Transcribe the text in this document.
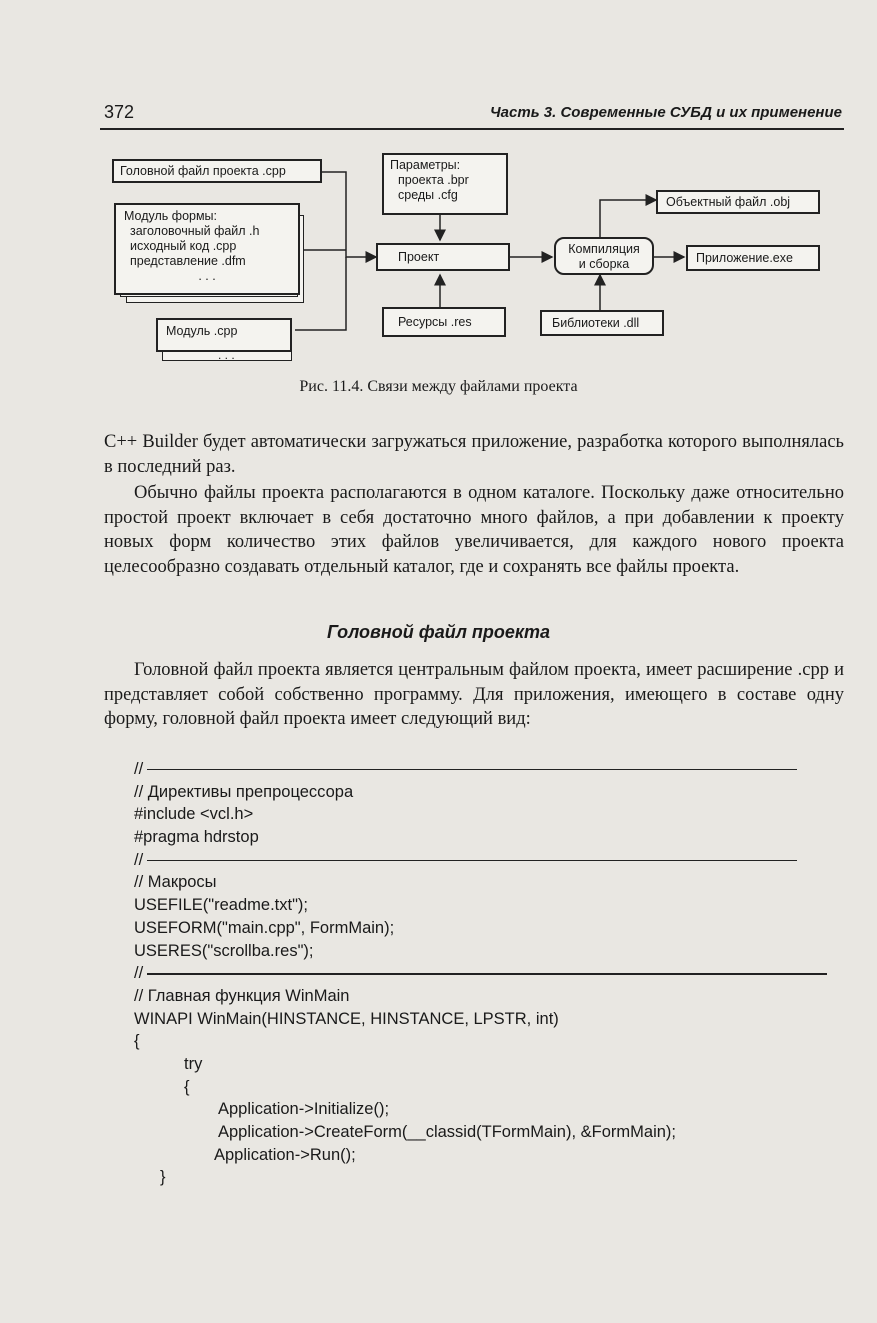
372	Часть 3. Современные СУБД и их применение
Головной файл проекта .cpp	Параметры:
проекта .bpr
среды .cfg	Объектный файл .obj
Модуль формы:
заголовочный файл .h
исходный код .cpp
представление .dfm
. . .
Проект
Компиляция
и сборка	Приложение.exe
Ресурсы .res	Библиотеки .dll
Модуль .cpp
. . .
Рис. 11.4. Связи между файлами проекта

C++ Builder будет автоматически загружаться приложение, разработка которого выполнялась в последний раз.

Обычно файлы проекта располагаются в одном каталоге. Поскольку даже относительно простой проект включает в себя достаточно много файлов, а при добавлении к проекту новых форм количество этих файлов увеличивается, для каждого нового проекта целесообразно создавать отдельный каталог, где и сохранять все файлы проекта.

Головной файл проекта

Головной файл проекта является центральным файлом проекта, имеет расширение .cpp и представляет собой собственно программу. Для приложения, имеющего в составе одну форму, головной файл проекта имеет следующий вид:

//
// Директивы препроцессора
#include <vcl.h>
#pragma hdrstop
//
// Макросы
USEFILE("readme.txt");
USEFORM("main.cpp", FormMain);
USERES("scrollba.res");
//
// Главная функция WinMain
WINAPI WinMain(HINSTANCE, HINSTANCE, LPSTR, int)
{
try
{
Application->Initialize();
Application->CreateForm(__classid(TFormMain), &FormMain);
Application->Run();
}
